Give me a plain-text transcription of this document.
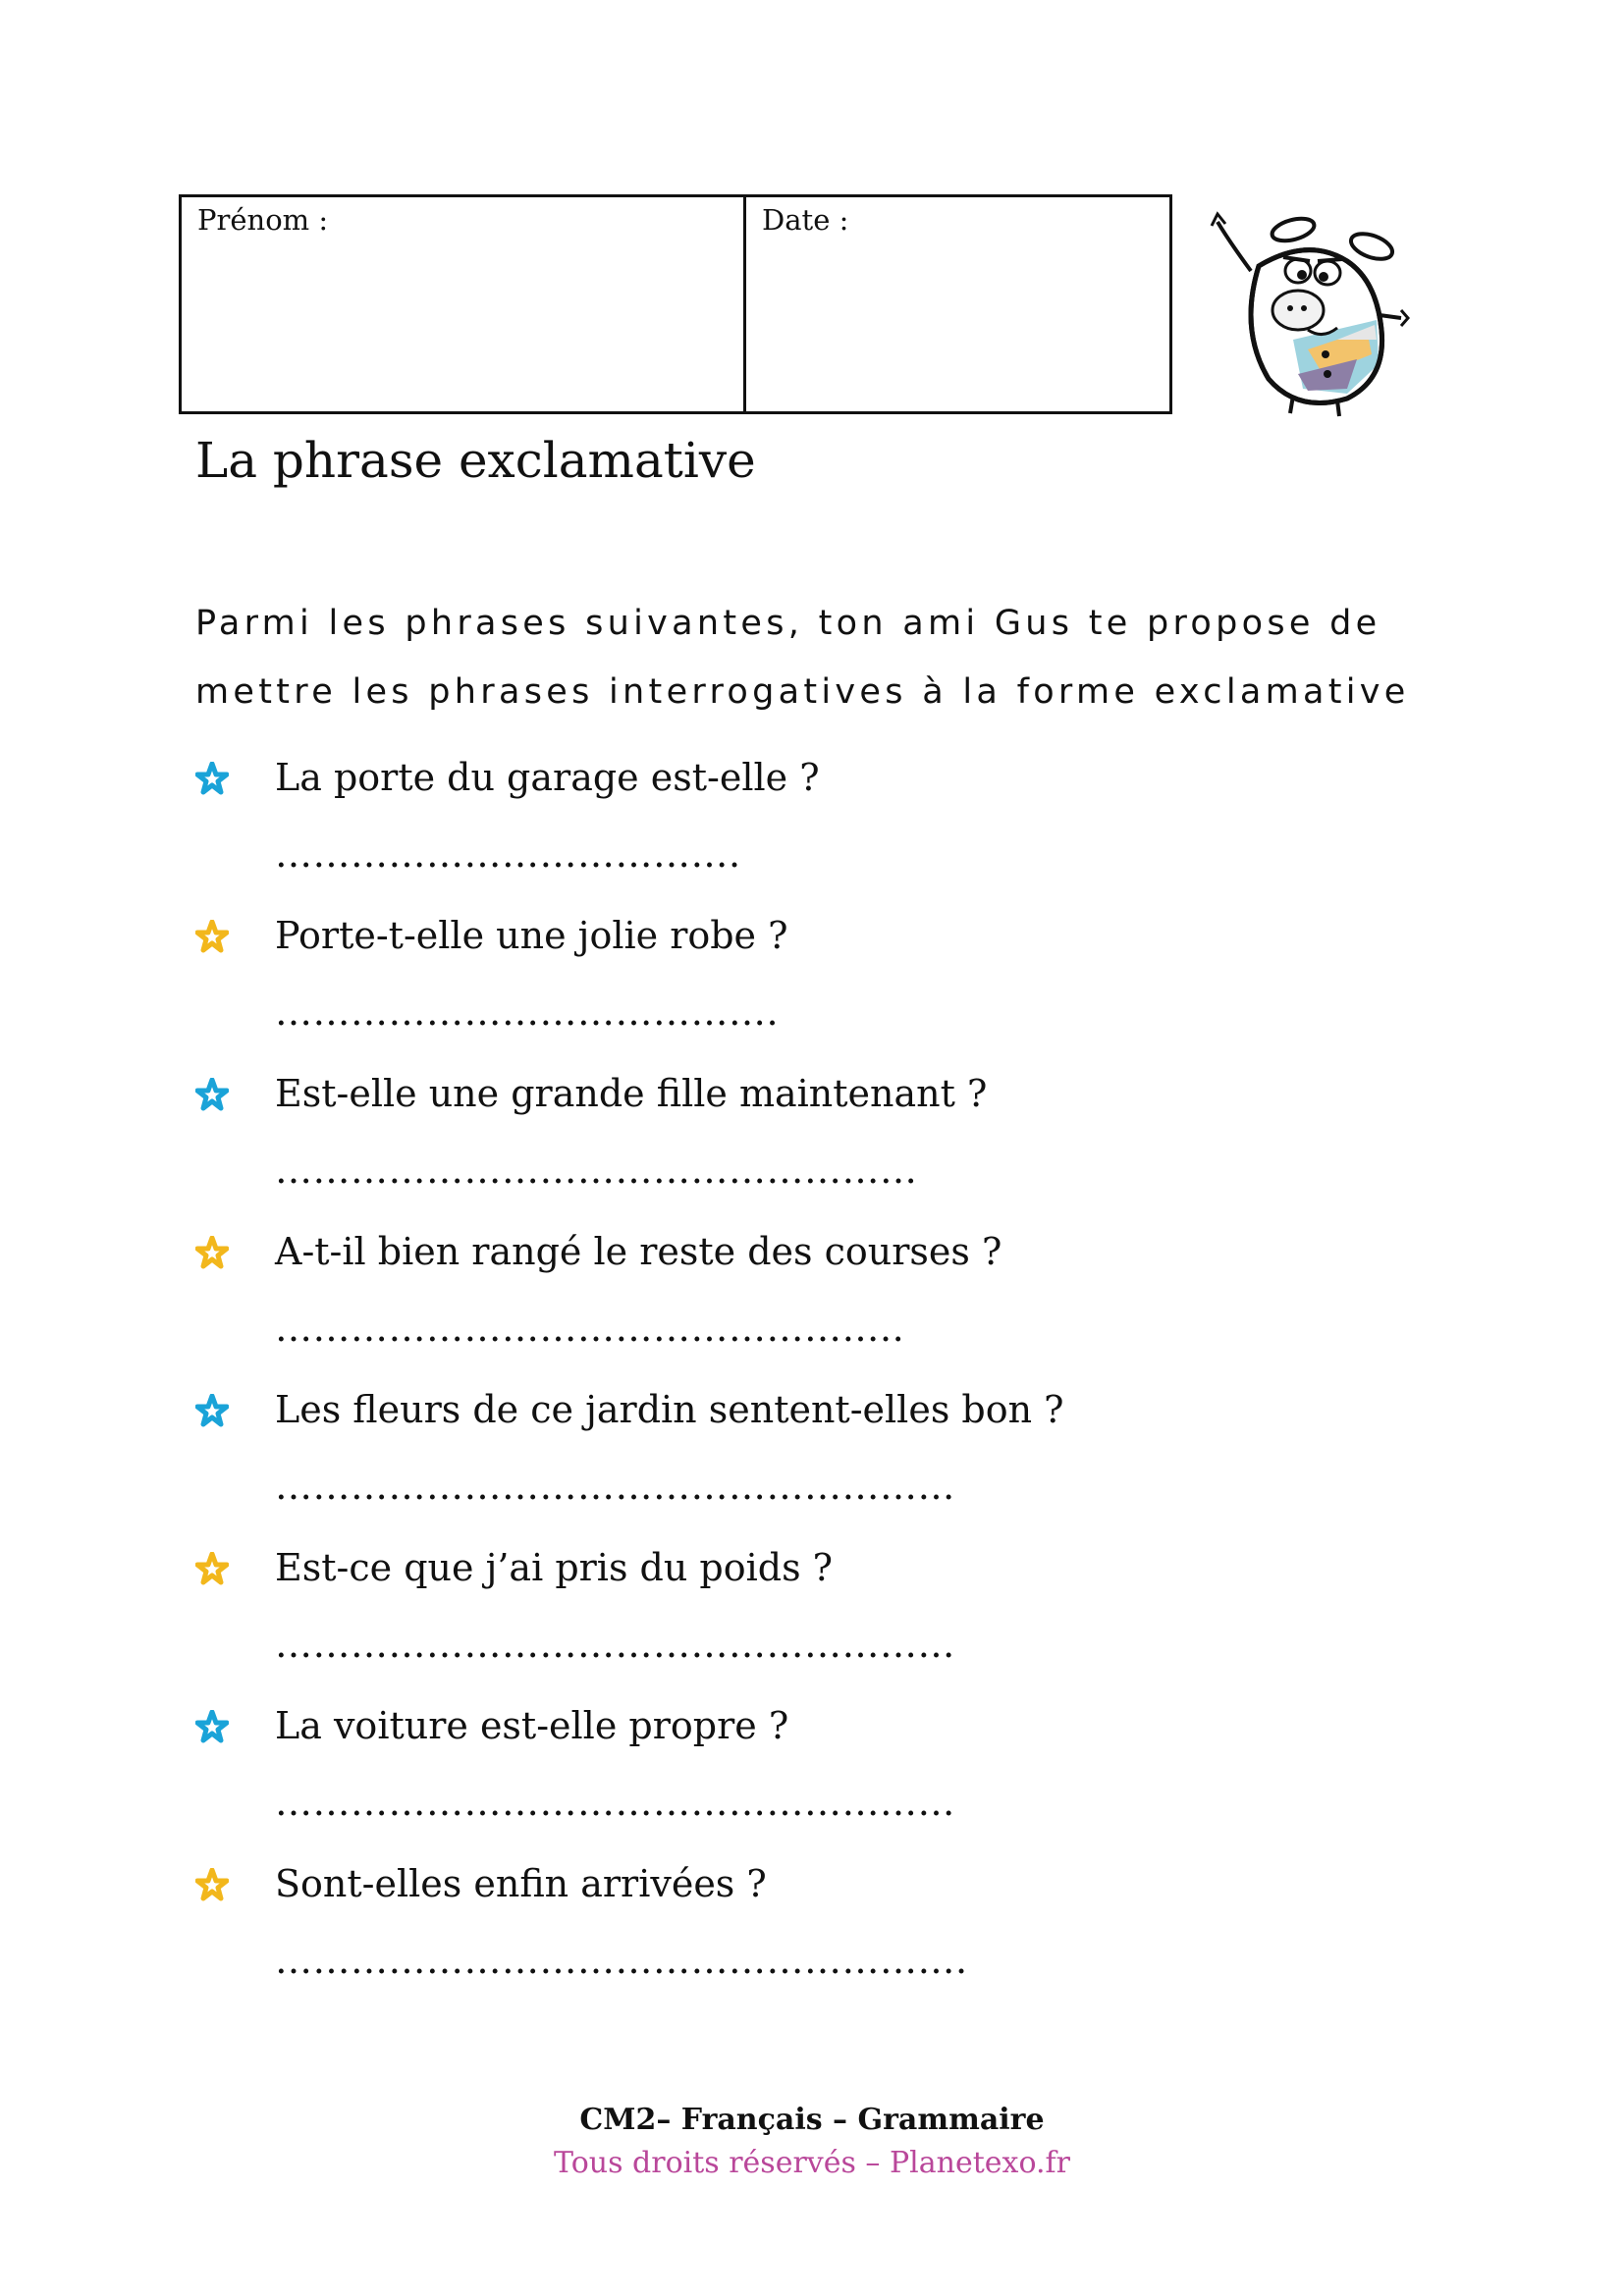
Prénom :	Date :
La phrase exclamative
Parmi les phrases suivantes, ton ami Gus te propose de
mettre les phrases interrogatives à la forme exclamative
La porte du garage est-elle ?
……………………………….
Porte-t-elle une jolie robe ?
………………………………….
Est-elle une grande fille maintenant ?
……………………………………………
A-t-il bien rangé le reste des courses ?
…………………………………………..
Les fleurs de ce jardin sentent-elles bon ?
………………………………………………
Est-ce que j’ai pris du poids ?
………………………………………………
La voiture est-elle propre ?
………………………………………………
Sont-elles enfin arrivées ?
……………………………………………….
CM2– Français – Grammaire
Tous droits réservés – Planetexo.fr
